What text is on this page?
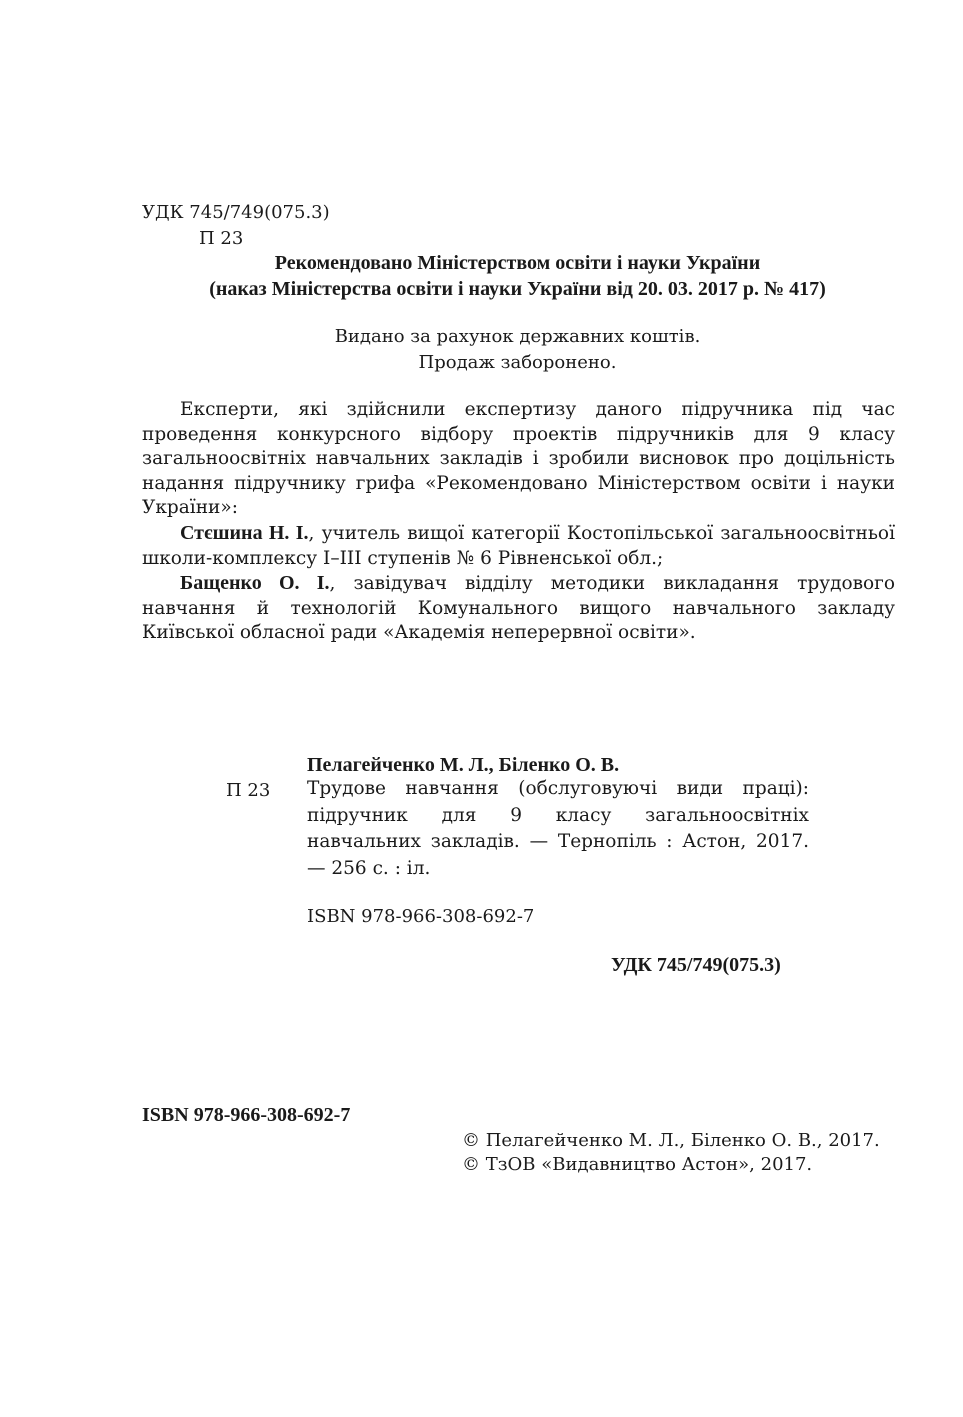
УДК 745/749(075.3)
П 23
Рекомендовано Міністерством освіти і науки України
(наказ Міністерства освіти і науки України від 20. 03. 2017 р. № 417)
Видано за рахунок державних коштів.
Продаж заборонено.

Експерти, які здійснили експертизу даного підручника під час проведення конкурсного відбору проектів підручників для 9 класу загальноосвітніх навчальних закладів і зробили висновок про доцільність надання підручнику грифа «Рекомендовано Міністерством освіти і науки України»:

Стєшина Н. І., учитель вищої категорії Костопільської загальноосвітньої школи-комплексу І–ІІІ ступенів № 6 Рівненської обл.;

Бащенко О. І., завідувач відділу методики викладання трудового навчання й технологій Комунального вищого навчального закладу Київської обласної ради «Академія неперервної освіти».

Пелагейченко М. Л., Біленко О. В.
П 23 Трудове навчання (обслуговуючі види праці): підручник для 9 класу загальноосвітніх навчальних закладів. — Тернопіль : Астон, 2017. — 256 с. : іл.
ISBN 978-966-308-692-7
УДК 745/749(075.3)
ISBN 978-966-308-692-7
© Пелагейченко М. Л., Біленко О. В., 2017.
© ТзОВ «Видавництво Астон», 2017.
